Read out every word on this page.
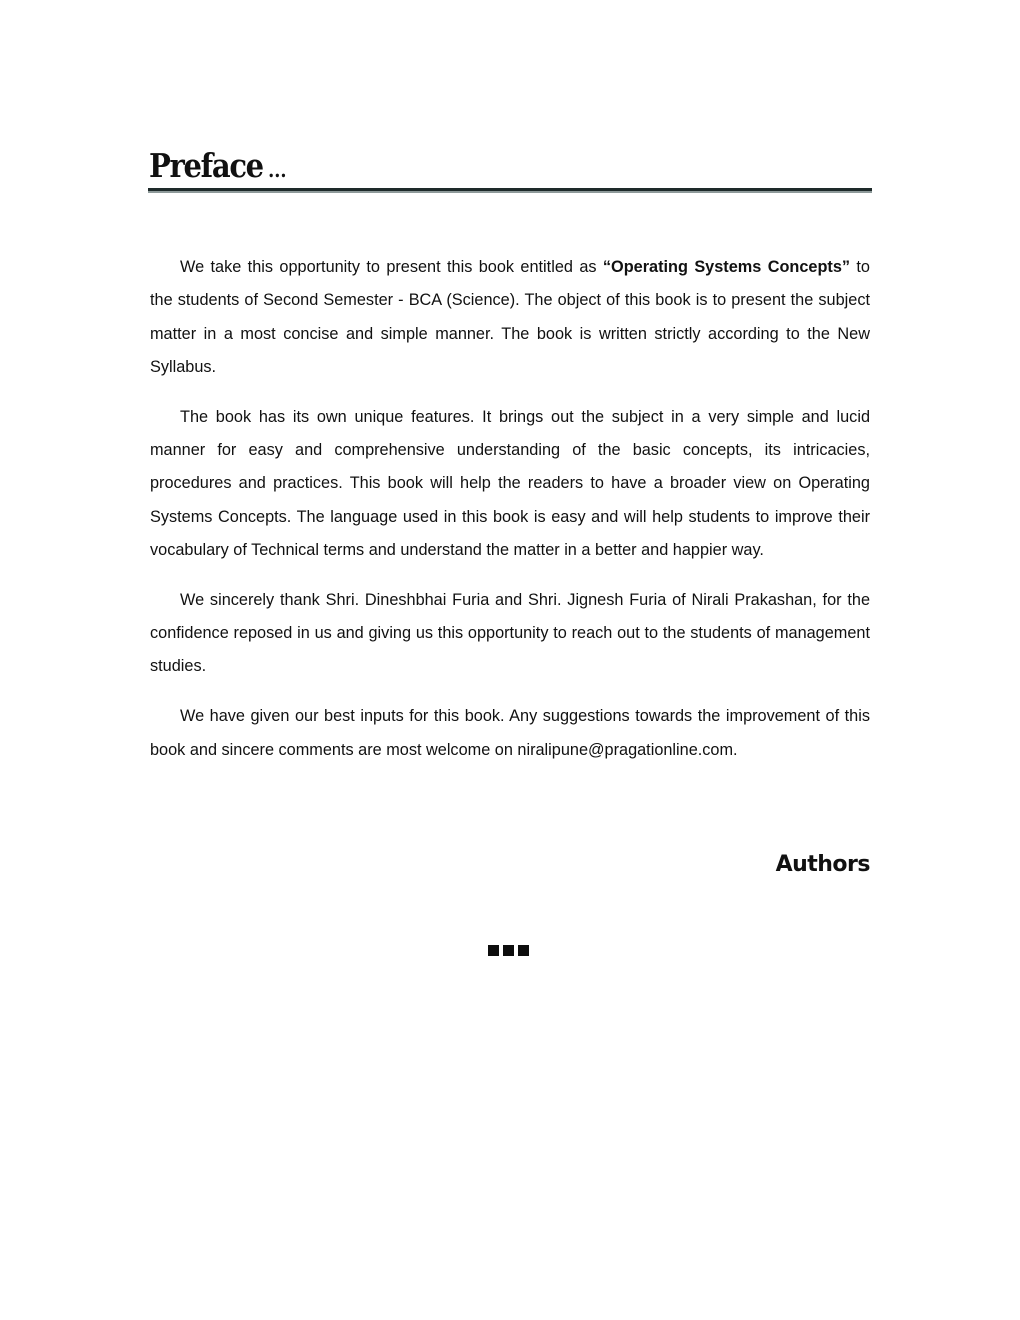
Preface ...

We take this opportunity to present this book entitled as “Operating Systems Concepts” to the students of Second Semester - BCA (Science). The object of this book is to present the subject matter in a most concise and simple manner. The book is written strictly according to the New Syllabus.

The book has its own unique features. It brings out the subject in a very simple and lucid manner for easy and comprehensive understanding of the basic concepts, its intricacies, procedures and practices. This book will help the readers to have a broader view on Operating Systems Concepts. The language used in this book is easy and will help students to improve their vocabulary of Technical terms and understand the matter in a better and happier way.

We sincerely thank Shri. Dineshbhai Furia and Shri. Jignesh Furia of Nirali Prakashan, for the confidence reposed in us and giving us this opportunity to reach out to the students of management studies.

We have given our best inputs for this book. Any suggestions towards the improvement of this book and sincere comments are most welcome on niralipune@pragationline.com.

Authors
